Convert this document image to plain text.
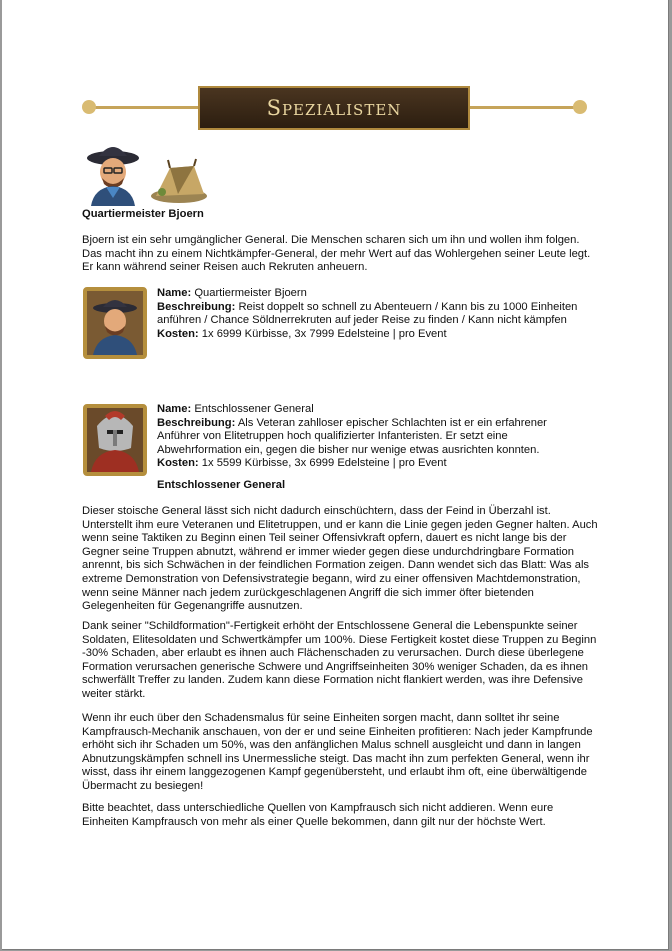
Spezialisten

Quartiermeister Bjoern

Bjoern ist ein sehr umgänglicher General. Die Menschen scharen sich um ihn und wollen ihm folgen. Das macht ihn zu einem Nichtkämpfer-General, der mehr Wert auf das Wohlergehen seiner Leute legt. Er kann während seiner Reisen auch Rekruten anheuern.

Name: Quartiermeister Bjoern

Beschreibung: Reist doppelt so schnell zu Abenteuern / Kann bis zu 1000 Einheiten anführen / Chance Söldnerrekruten auf jeder Reise zu finden / Kann nicht kämpfen

Kosten: 1x 6999 Kürbisse, 3x 7999 Edelsteine | pro Event

Name: Entschlossener General

Beschreibung: Als Veteran zahlloser epischer Schlachten ist er ein erfahrener Anführer von Elitetruppen hoch qualifizierter Infanteristen. Er setzt eine Abwehrformation ein, gegen die bisher nur wenige etwas ausrichten konnten.

Kosten: 1x 5599 Kürbisse, 3x 6999 Edelsteine | pro Event

Entschlossener General

Dieser stoische General lässt sich nicht dadurch einschüchtern, dass der Feind in Überzahl ist. Unterstellt ihm eure Veteranen und Elitetruppen, und er kann die Linie gegen jeden Gegner halten. Auch wenn seine Taktiken zu Beginn einen Teil seiner Offensivkraft opfern, dauert es nicht lange bis der Gegner seine Truppen abnutzt, während er immer wieder gegen diese undurchdringbare Formation anrennt, bis sich Schwächen in der feindlichen Formation zeigen. Dann wendet sich das Blatt: Was als extreme Demonstration von Defensivstrategie begann, wird zu einer offensiven Machtdemonstration, wenn seine Männer nach jedem zurückgeschlagenen Angriff die sich immer öfter bietenden Gelegenheiten für Gegenangriffe ausnutzen.

Dank seiner "Schildformation"-Fertigkeit erhöht der Entschlossene General die Lebenspunkte seiner Soldaten, Elitesoldaten und Schwertkämpfer um 100%. Diese Fertigkeit kostet diese Truppen zu Beginn -30% Schaden, aber erlaubt es ihnen auch Flächenschaden zu verursachen. Durch diese überlegene Formation verursachen generische Schwere und Angriffseinheiten 30% weniger Schaden, da es ihnen schwerfällt Treffer zu landen. Zudem kann diese Formation nicht flankiert werden, was ihre Defensive weiter stärkt.

Wenn ihr euch über den Schadensmalus für seine Einheiten sorgen macht, dann solltet ihr seine Kampfrausch-Mechanik anschauen, von der er und seine Einheiten profitieren: Nach jeder Kampfrunde erhöht sich ihr Schaden um 50%, was den anfänglichen Malus schnell ausgleicht und dann in langen Abnutzungskämpfen schnell ins Unermessliche steigt. Das macht ihn zum perfekten General, wenn ihr wisst, dass ihr einem langgezogenen Kampf gegenübersteht, und erlaubt ihm oft, eine überwältigende Übermacht zu besiegen!

Bitte beachtet, dass unterschiedliche Quellen von Kampfrausch sich nicht addieren. Wenn eure Einheiten Kampfrausch von mehr als einer Quelle bekommen, dann gilt nur der höchste Wert.
